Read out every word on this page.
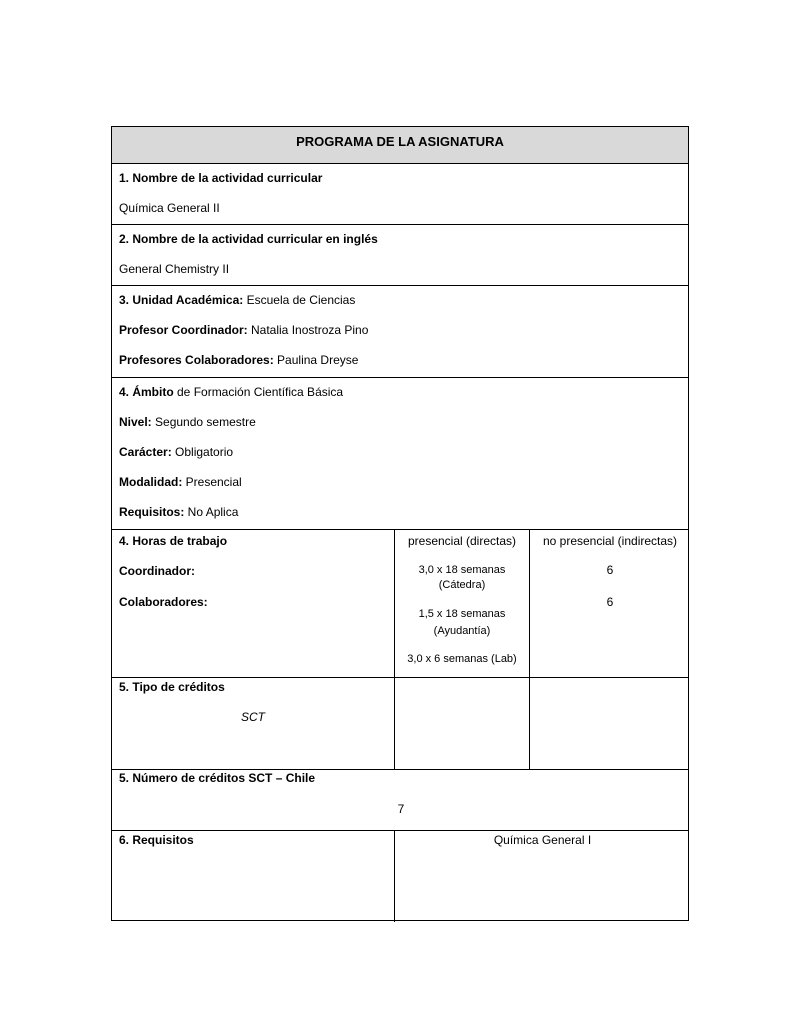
PROGRAMA DE LA ASIGNATURA
1. Nombre de la actividad curricular
Química General II
2. Nombre de la actividad curricular en inglés
General Chemistry II
3. Unidad Académica: Escuela de Ciencias
Profesor Coordinador: Natalia Inostroza Pino
Profesores Colaboradores: Paulina Dreyse
4. Ámbito de Formación Científica Básica
Nivel: Segundo semestre
Carácter: Obligatorio
Modalidad: Presencial
Requisitos: No Aplica
4. Horas de trabajo
Coordinador:
Colaboradores:
presencial (directas)
3,0 x 18 semanas
(Cátedra)
1,5 x 18 semanas
(Ayudantía)
3,0 x 6 semanas (Lab)
no presencial (indirectas)
6
6
5. Tipo de créditos
SCT
5. Número de créditos SCT – Chile
7
6. Requisitos	Química General I
